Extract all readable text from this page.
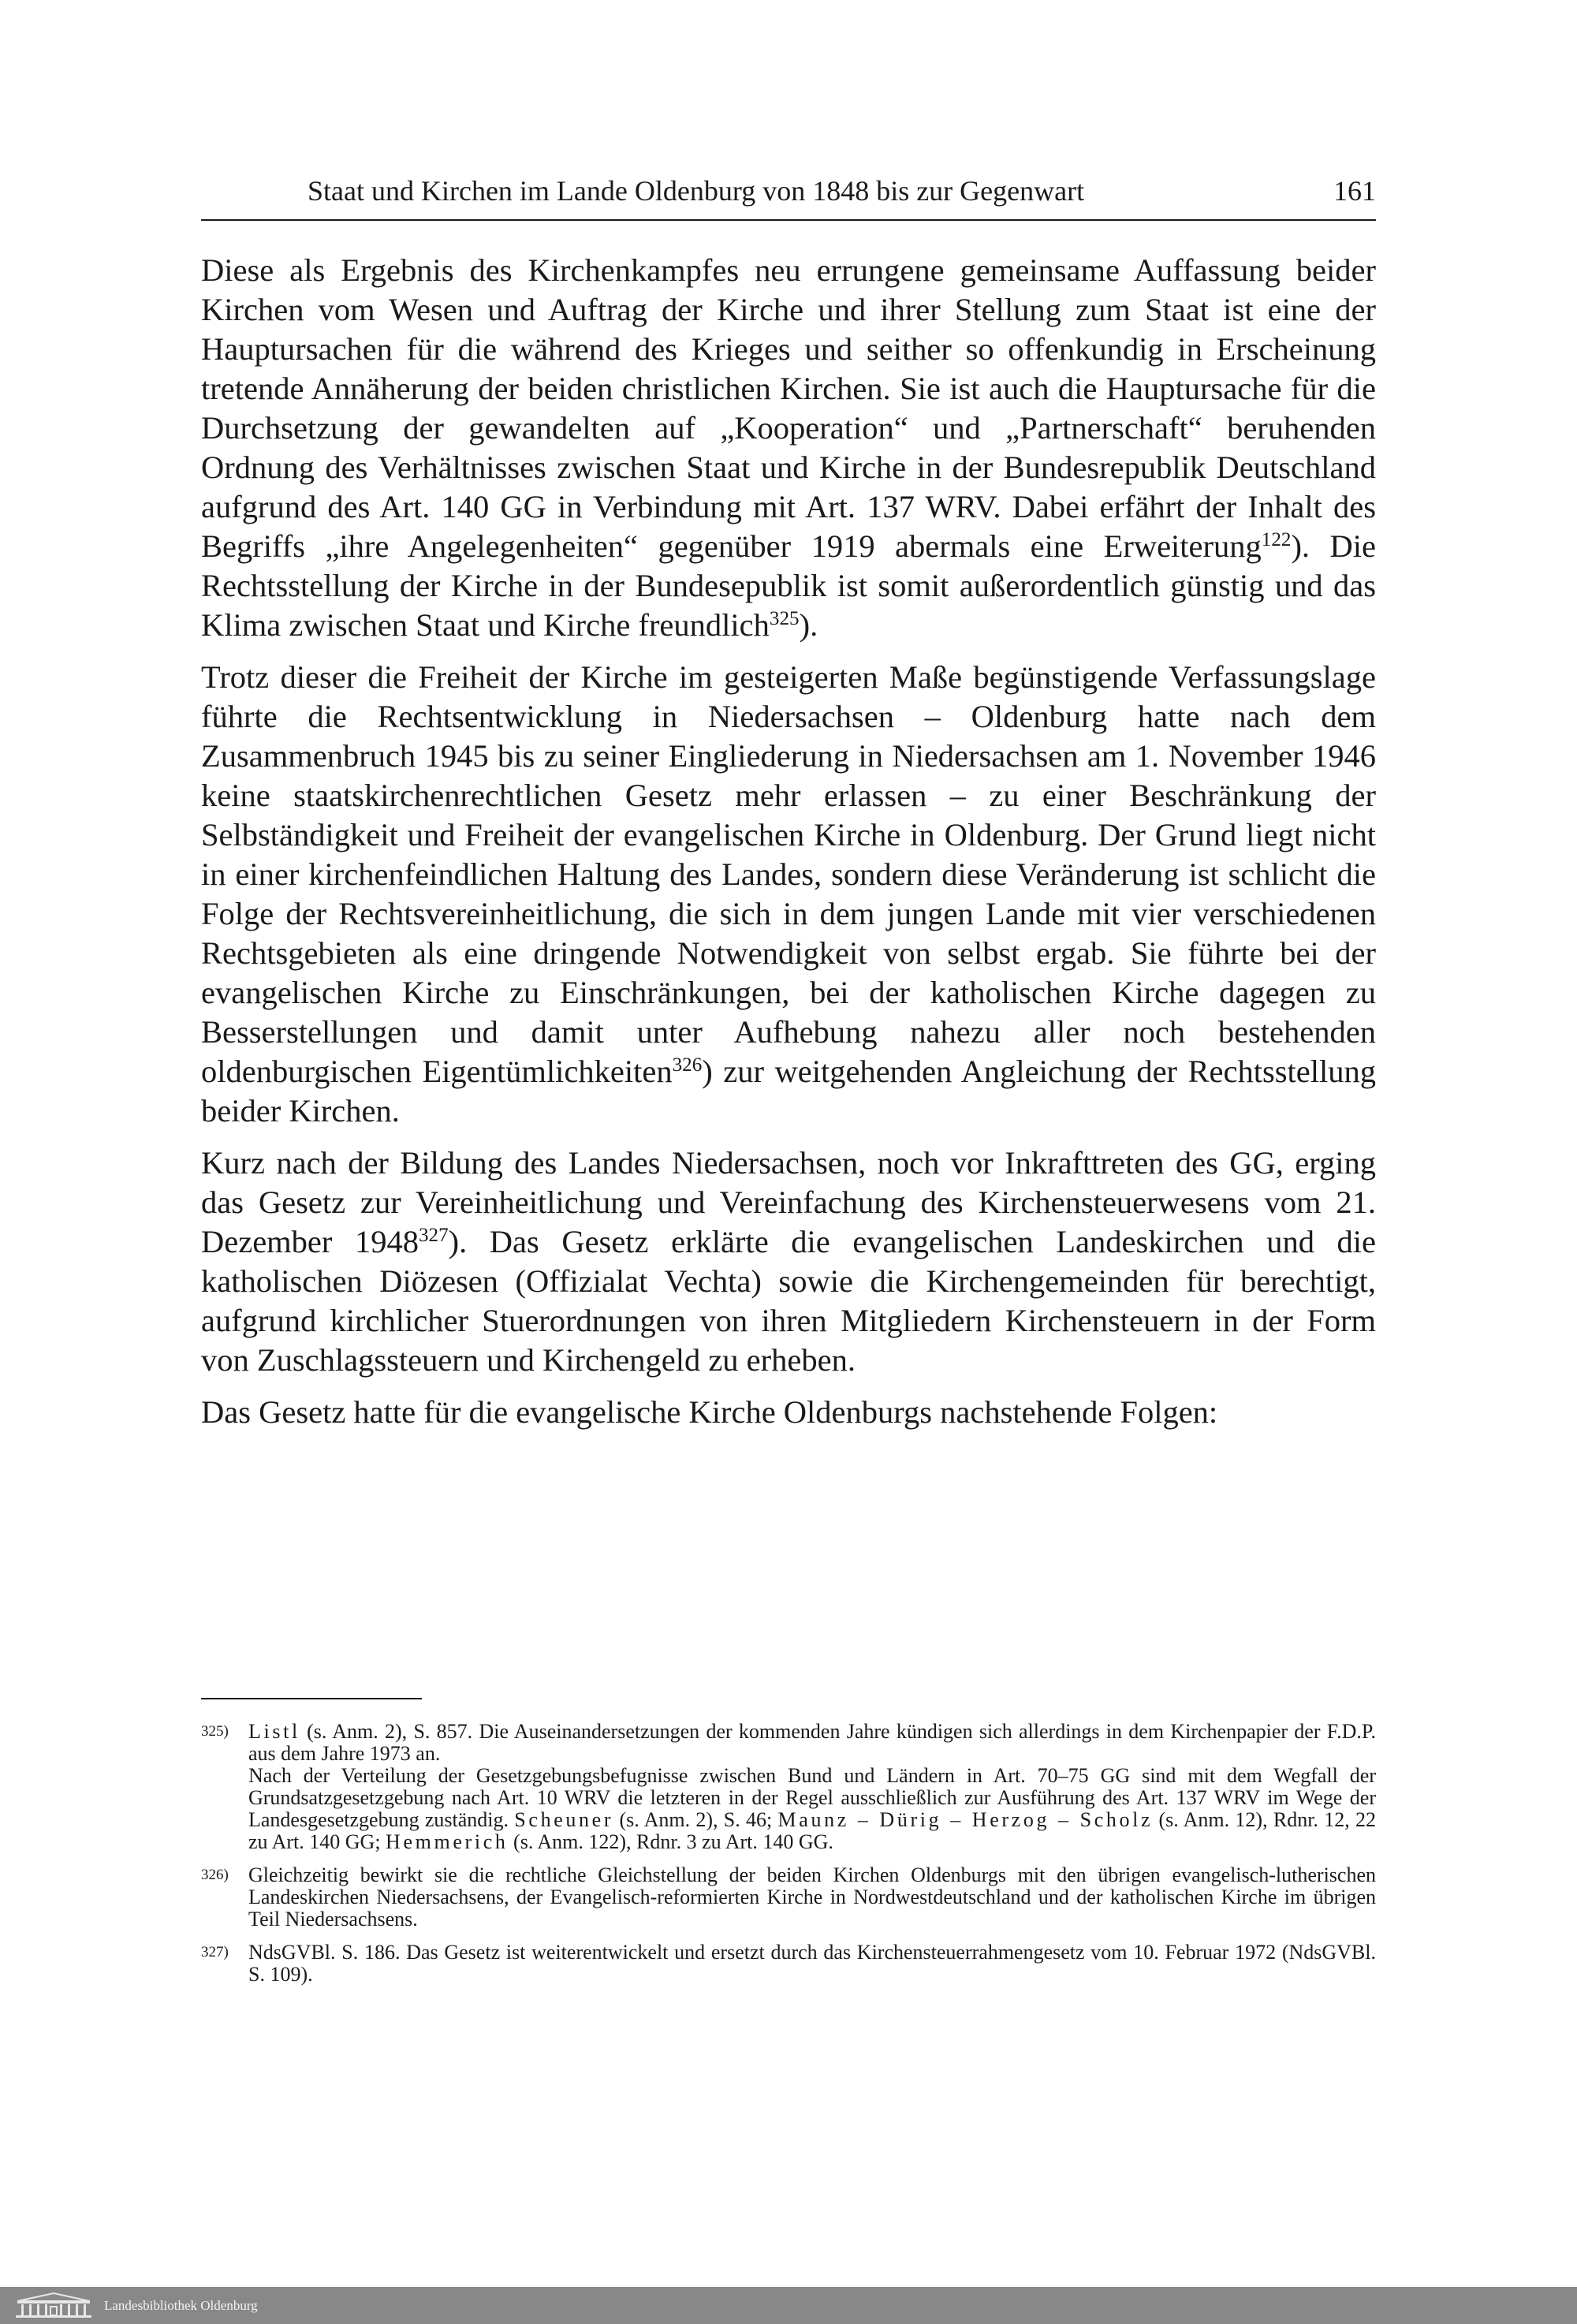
Staat und Kirchen im Lande Oldenburg von 1848 bis zur Gegenwart	161

Diese als Ergebnis des Kirchenkampfes neu errungene gemeinsame Auffassung beider Kirchen vom Wesen und Auftrag der Kirche und ihrer Stellung zum Staat ist eine der Hauptursachen für die während des Krieges und seither so offenkundig in Erscheinung tretende Annäherung der beiden christlichen Kirchen. Sie ist auch die Hauptursache für die Durchsetzung der gewandelten auf „Kooperation“ und „Partnerschaft“ beruhenden Ordnung des Verhältnisses zwischen Staat und Kirche in der Bundesrepublik Deutschland aufgrund des Art. 140 GG in Verbindung mit Art. 137 WRV. Dabei erfährt der Inhalt des Begriffs „ihre Angelegenheiten“ gegenüber 1919 abermals eine Erweiterung$^{122}$). Die Rechtsstellung der Kirche in der Bundesepublik ist somit außerordentlich günstig und das Klima zwischen Staat und Kirche freundlich$^{325}$).

Trotz dieser die Freiheit der Kirche im gesteigerten Maße begünstigende Verfassungslage führte die Rechtsentwicklung in Niedersachsen – Oldenburg hatte nach dem Zusammenbruch 1945 bis zu seiner Eingliederung in Niedersachsen am 1. November 1946 keine staatskirchenrechtlichen Gesetz mehr erlassen – zu einer Beschränkung der Selbständigkeit und Freiheit der evangelischen Kirche in Oldenburg. Der Grund liegt nicht in einer kirchenfeindlichen Haltung des Landes, sondern diese Veränderung ist schlicht die Folge der Rechtsvereinheitlichung, die sich in dem jungen Lande mit vier verschiedenen Rechtsgebieten als eine dringende Notwendigkeit von selbst ergab. Sie führte bei der evangelischen Kirche zu Einschränkungen, bei der katholischen Kirche dagegen zu Besserstellungen und damit unter Aufhebung nahezu aller noch bestehenden oldenburgischen Eigentümlichkeiten$^{326}$) zur weitgehenden Angleichung der Rechtsstellung beider Kirchen.

Kurz nach der Bildung des Landes Niedersachsen, noch vor Inkrafttreten des GG, erging das Gesetz zur Vereinheitlichung und Vereinfachung des Kirchensteuerwesens vom 21. Dezember 1948$^{327}$). Das Gesetz erklärte die evangelischen Landeskirchen und die katholischen Diözesen (Offizialat Vechta) sowie die Kirchengemeinden für berechtigt, aufgrund kirchlicher Stuerordnungen von ihren Mitgliedern Kirchensteuern in der Form von Zuschlagssteuern und Kirchengeld zu erheben.

Das Gesetz hatte für die evangelische Kirche Oldenburgs nachstehende Folgen:

325) Listl (s. Anm. 2), S. 857. Die Auseinandersetzungen der kommenden Jahre kündigen sich allerdings in dem Kirchenpapier der F.D.P. aus dem Jahre 1973 an.

Nach der Verteilung der Gesetzgebungsbefugnisse zwischen Bund und Ländern in Art. 70–75 GG sind mit dem Wegfall der Grundsatzgesetzgebung nach Art. 10 WRV die letzteren in der Regel ausschließlich zur Ausführung des Art. 137 WRV im Wege der Landesgesetzgebung zuständig. Scheuner (s. Anm. 2), S. 46; Maunz – Dürig – Herzog – Scholz (s. Anm. 12), Rdnr. 12, 22 zu Art. 140 GG; Hemmerich (s. Anm. 122), Rdnr. 3 zu Art. 140 GG.

326) Gleichzeitig bewirkt sie die rechtliche Gleichstellung der beiden Kirchen Oldenburgs mit den übrigen evangelisch-lutherischen Landeskirchen Niedersachsens, der Evangelisch-reformierten Kirche in Nordwestdeutschland und der katholischen Kirche im übrigen Teil Niedersachsens.

327) NdsGVBl. S. 186. Das Gesetz ist weiterentwickelt und ersetzt durch das Kirchensteuerrahmengesetz vom 10. Februar 1972 (NdsGVBl. S. 109).

Landesbibliothek Oldenburg
